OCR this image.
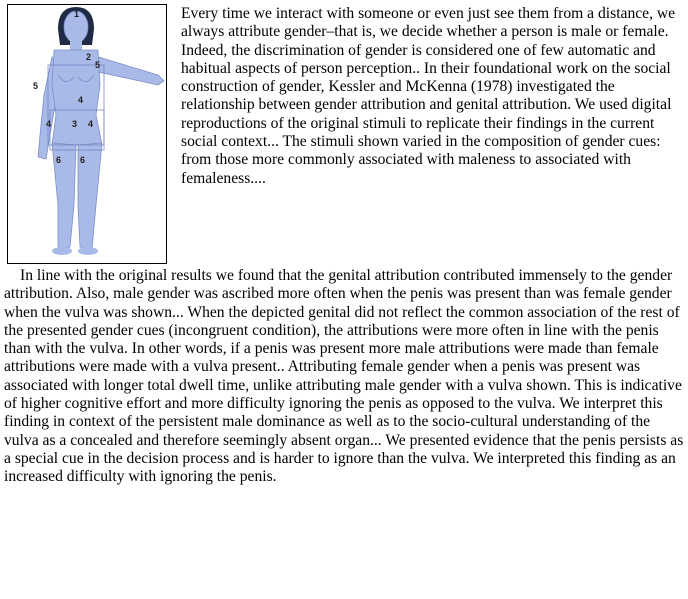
1
2
5
5
4
4 3 4
6 6

Every time we interact with someone or even just see them from a distance, we always attribute gender–that is, we decide whether a person is male or female. Indeed, the discrimination of gender is considered one of few automatic and habitual aspects of person perception.. In their foundational work on the social construction of gender, Kessler and McKenna (1978) investigated the relationship between gender attribution and genital attribution. We used digital reproductions of the original stimuli to replicate their findings in the current social context... The stimuli shown varied in the composition of gender cues: from those more commonly associated with maleness to associated with femaleness....

In line with the original results we found that the genital attribution contributed immensely to the gender attribution. Also, male gender was ascribed more often when the penis was present than was female gender when the vulva was shown... When the depicted genital did not reflect the common association of the rest of the presented gender cues (incongruent condition), the attributions were more often in line with the penis than with the vulva. In other words, if a penis was present more male attributions were made than female attributions were made with a vulva present.. Attributing female gender when a penis was present was associated with longer total dwell time, unlike attributing male gender with a vulva shown. This is indicative of higher cognitive effort and more difficulty ignoring the penis as opposed to the vulva. We interpret this finding in context of the persistent male dominance as well as to the socio-cultural understanding of the vulva as a concealed and therefore seemingly absent organ... We presented evidence that the penis persists as a special cue in the decision process and is harder to ignore than the vulva. We interpreted this finding as an increased difficulty with ignoring the penis.
